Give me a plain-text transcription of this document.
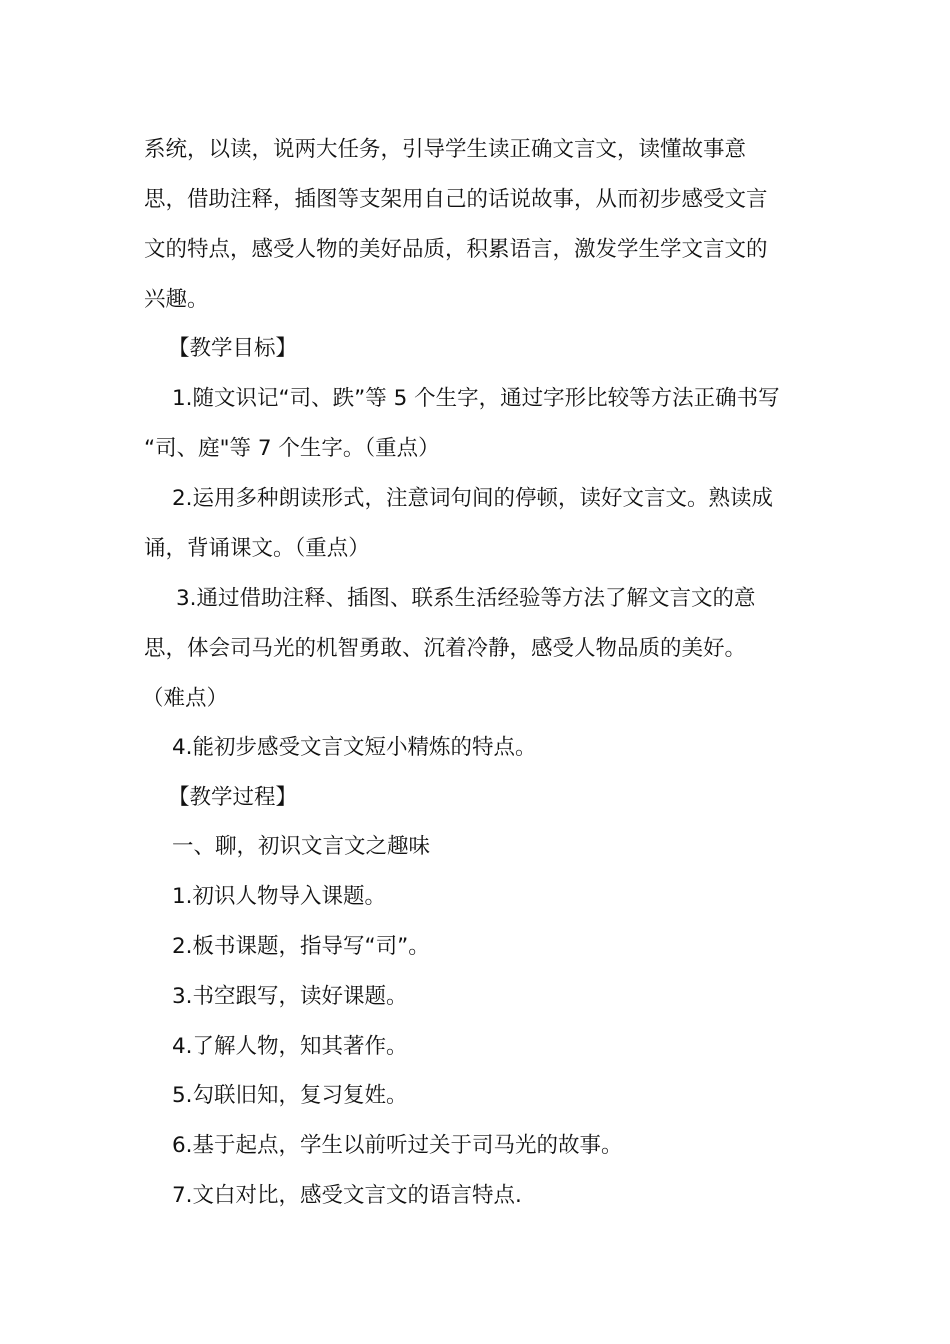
系统，以读，说两大任务，引导学生读正确文言文，读懂故事意
思，借助注释，插图等支架用自己的话说故事，从而初步感受文言
文的特点，感受人物的美好品质，积累语言，激发学生学文言文的
兴趣。
【教学目标】
1.随文识记“司、跌”等 5 个生字，通过字形比较等方法正确书写
“司、庭"等 7 个生字。（重点）
2.运用多种朗读形式，注意词句间的停顿，读好文言文。熟读成
诵，背诵课文。（重点）
3.通过借助注释、插图、联系生活经验等方法了解文言文的意
思，体会司马光的机智勇敢、沉着冷静，感受人物品质的美好。
（难点）
4.能初步感受文言文短小精炼的特点。
【教学过程】
一、聊，初识文言文之趣味
1.初识人物导入课题。
2.板书课题，指导写“司”。
3.书空跟写，读好课题。
4.了解人物，知其著作。
5.勾联旧知，复习复姓。
6.基于起点，学生以前听过关于司马光的故事。
7.文白对比，感受文言文的语言特点.
